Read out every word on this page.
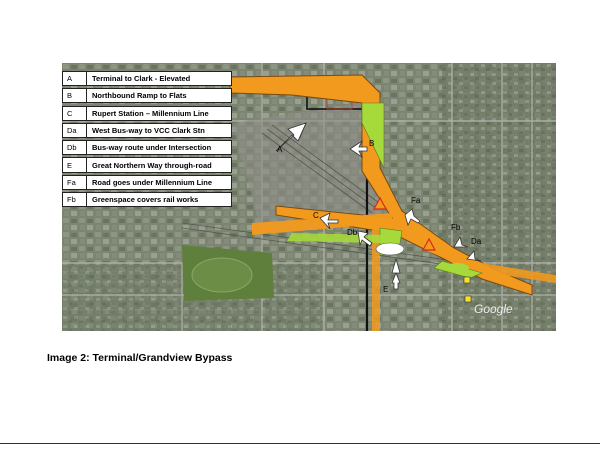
Google
A	Terminal to Clark - Elevated
B	Northbound Ramp to Flats
C	Rupert Station – Millennium Line
Da	West Bus-way to VCC Clark Stn
Db	Bus-way route under Intersection
E	Great Northern Way through-road
Fa	Road goes under Millennium Line
Fb	Greenspace covers rail works
A
B
C
Db
E
Fa
Fb
Da
Image 2: Terminal/Grandview Bypass
